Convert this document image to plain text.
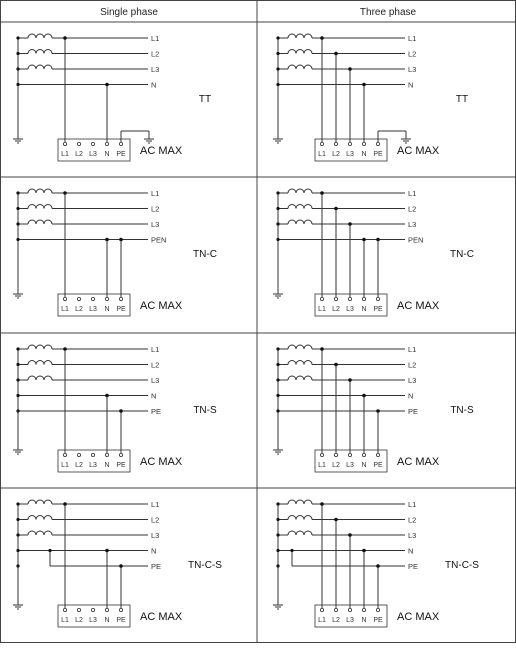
Single phase	Three phase
L1
L2
L3
N
L1 L2 L3 N PE AC MAX
TT
L1
L2
L3
N
L1 L2 L3 N PE AC MAX
TT
L1
L2
L3
PEN
L1 L2 L3 N PE AC MAX
TN-C
L1
L2
L3
PEN
L1 L2 L3 N PE AC MAX
TN-C
L1
L2
L3
N
PE
L1 L2 L3 N PE AC MAX
TN-S
L1
L2
L3
N
PE
L1 L2 L3 N PE AC MAX
TN-S
L1
L2
L3
N
PE
L1 L2 L3 N PE AC MAX
TN-C-S
L1
L2
L3
N
PE
L1 L2 L3 N PE AC MAX
TN-C-S
